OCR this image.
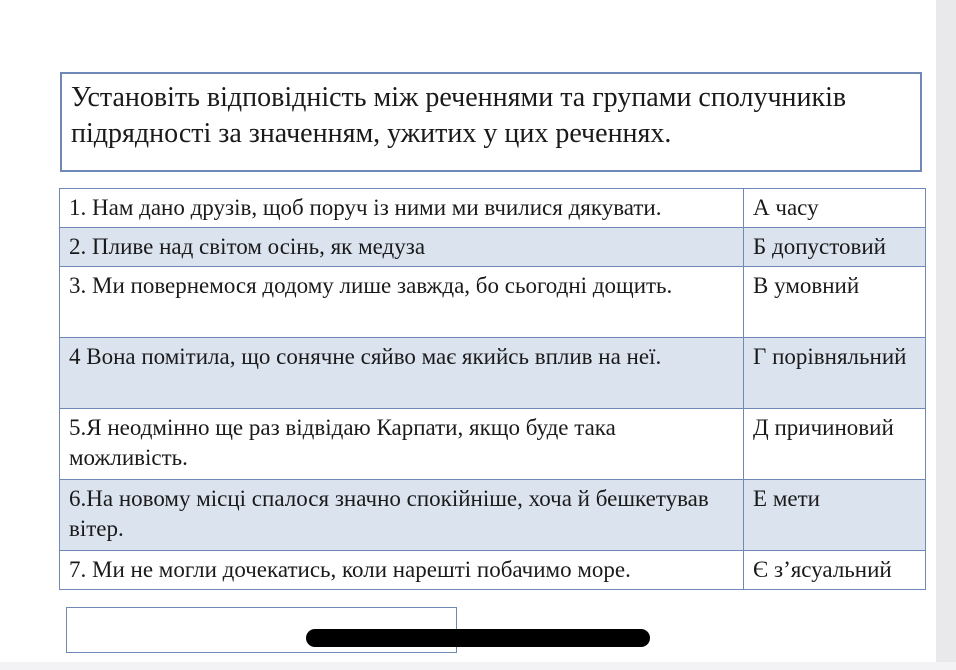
Установіть відповідність між реченнями та групами сполучників підрядності за значенням, ужитих у цих реченнях.
1. Нам дано друзів, щоб поруч із ними ми вчилися дякувати.	А часу
2. Пливе над світом осінь, як медуза	Б допустовий
3. Ми повернемося додому лише завжда, бо сьогодні дощить.	В умовний
4 Вона помітила, що сонячне сяйво має якийсь вплив на неї.	Г порівняльний
5.Я неодмінно ще раз відвідаю Карпати, якщо буде така можливість.	Д причиновий
6.На новому місці спалося значно спокійніше, хоча й бешкетував вітер.	Е мети
7. Ми не могли дочекатись, коли нарешті побачимо море.	Є з’ясуальний
